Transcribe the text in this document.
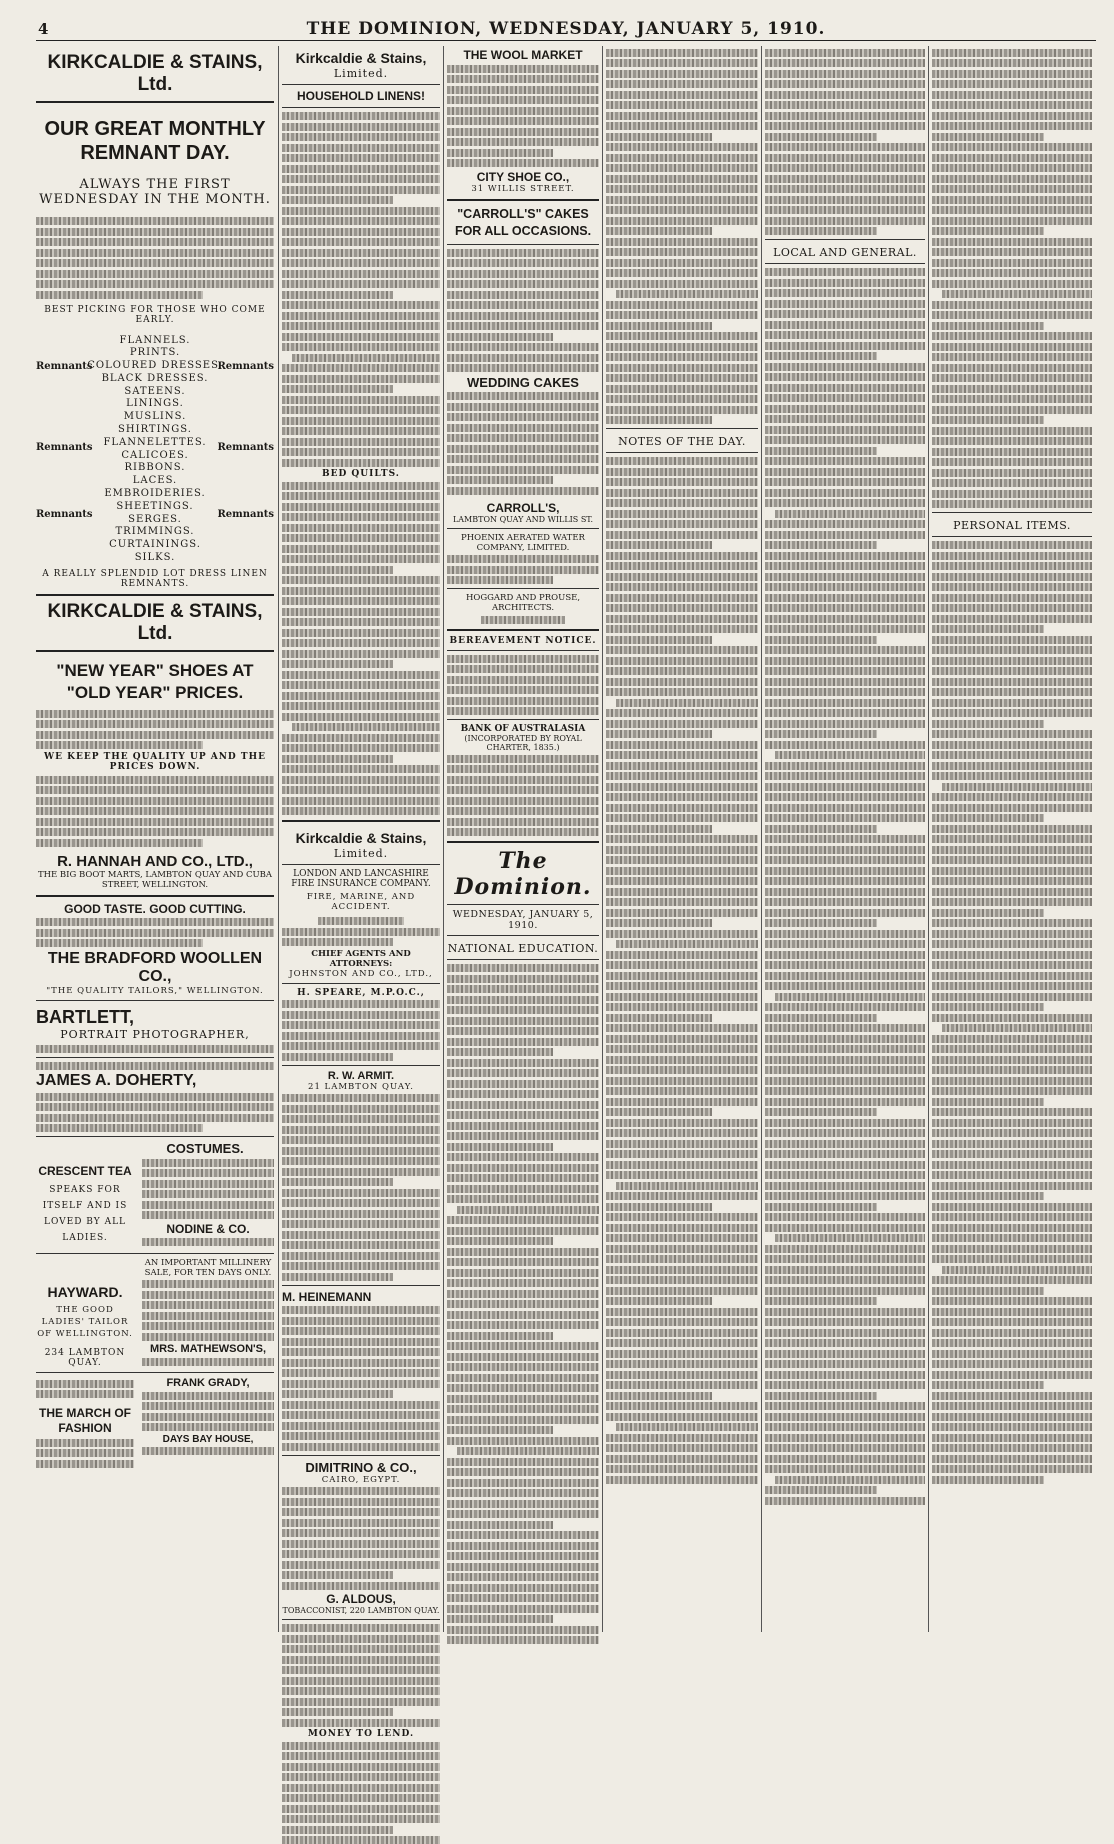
4	THE DOMINION, WEDNESDAY, JANUARY 5, 1910.
KIRKCALDIE & STAINS, Ltd.
OUR GREAT MONTHLY REMNANT DAY.
ALWAYS THE FIRST WEDNESDAY IN THE MONTH.
BEST PICKING FOR THOSE WHO COME EARLY.
FLANNELS.
PRINTS.
COLOURED DRESSES.
BLACK DRESSES.
SATEENS.
LININGS.
MUSLINS.
SHIRTINGS.
FLANNELETTES.
CALICOES.
RIBBONS.
LACES.
EMBROIDERIES.
SHEETINGS.
SERGES.
TRIMMINGS.
CURTAININGS.
SILKS.
Remnants	Remnants
Remnants	Remnants
Remnants	Remnants
A REALLY SPLENDID LOT DRESS LINEN REMNANTS.
KIRKCALDIE & STAINS, Ltd.
"NEW YEAR" SHOES AT "OLD YEAR" PRICES.
WE KEEP THE QUALITY UP AND THE PRICES DOWN.
R. HANNAH AND CO., LTD.,
THE BIG BOOT MARTS, LAMBTON QUAY AND CUBA STREET, WELLINGTON.
GOOD TASTE. GOOD CUTTING.
THE BRADFORD WOOLLEN CO.,
"THE QUALITY TAILORS," WELLINGTON.
BARTLETT,
PORTRAIT PHOTOGRAPHER,
JAMES A. DOHERTY,
COSTUMES.
CRESCENT TEA
SPEAKS FOR ITSELF AND IS LOVED BY ALL LADIES.
NODINE & CO.
HAYWARD.
THE GOOD LADIES' TAILOR OF WELLINGTON.
234 LAMBTON QUAY.
AN IMPORTANT MILLINERY SALE, FOR TEN DAYS ONLY.
MRS. MATHEWSON'S,
THE MARCH OF FASHION
FRANK GRADY,
DAYS BAY HOUSE,
Kirkcaldie & Stains,
Limited.
HOUSEHOLD LINENS!
BED QUILTS.
Kirkcaldie & Stains,
Limited.
LONDON AND LANCASHIRE FIRE INSURANCE COMPANY.
FIRE, MARINE, AND ACCIDENT.
CHIEF AGENTS AND ATTORNEYS:
JOHNSTON AND CO., LTD.,
H. SPEARE, M.P.O.C.,
R. W. ARMIT.
21 LAMBTON QUAY.
M. HEINEMANN
DIMITRINO & CO.,
CAIRO, EGYPT.
G. ALDOUS,
TOBACCONIST, 220 LAMBTON QUAY.
MONEY TO LEND.
THE WOOL MARKET
CITY SHOE CO.,
31 WILLIS STREET.
"CARROLL'S" CAKES FOR ALL OCCASIONS.
WEDDING CAKES
CARROLL'S,
LAMBTON QUAY AND WILLIS ST.
PHOENIX AERATED WATER COMPANY, LIMITED.
HOGGARD AND PROUSE, ARCHITECTS.
BEREAVEMENT NOTICE.
BANK OF AUSTRALASIA
(INCORPORATED BY ROYAL CHARTER, 1835.)
The Dominion.
WEDNESDAY, JANUARY 5, 1910.
NATIONAL EDUCATION.
NOTES OF THE DAY.
LOCAL AND GENERAL.
PERSONAL ITEMS.
